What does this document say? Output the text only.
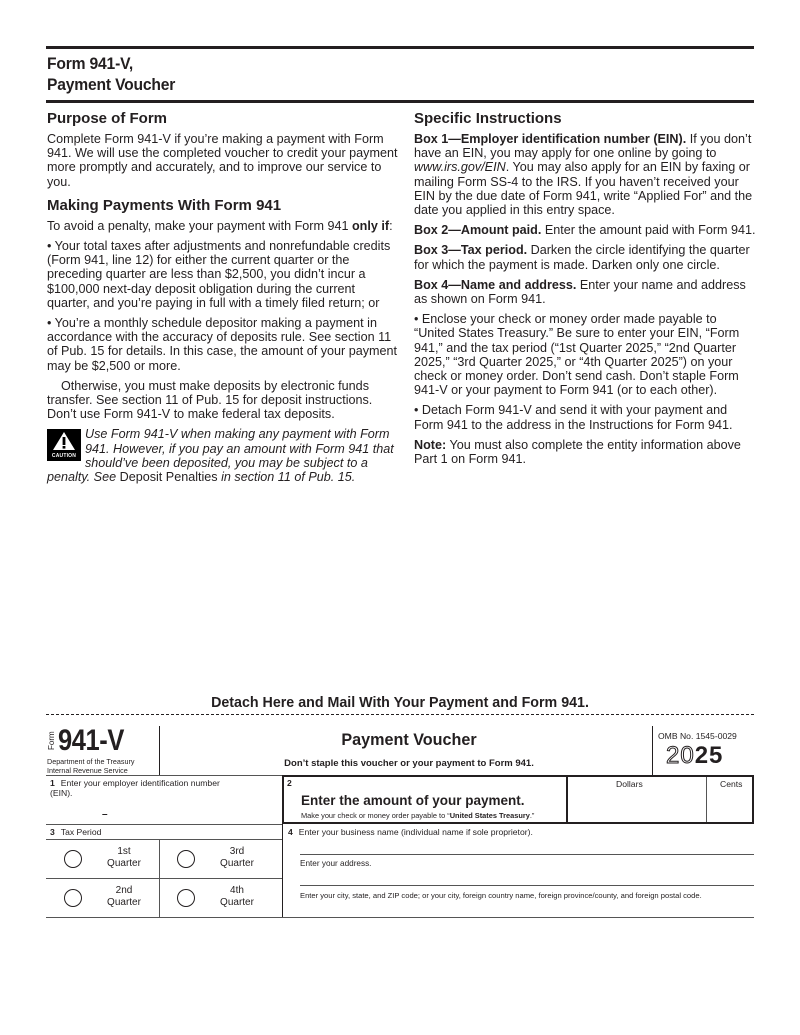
Form 941-V,
Payment Voucher
Purpose of Form

Complete Form 941-V if you’re making a payment with Form 941. We will use the completed voucher to credit your payment more promptly and accurately, and to improve our service to you.

Making Payments With Form 941

To avoid a penalty, make your payment with Form 941 only if:

• Your total taxes after adjustments and nonrefundable credits (Form 941, line 12) for either the current quarter or the preceding quarter are less than $2,500, you didn’t incur a $100,000 next-day deposit obligation during the current quarter, and you’re paying in full with a timely filed return; or

• You’re a monthly schedule depositor making a payment in accordance with the accuracy of deposits rule. See section 11 of Pub. 15 for details. In this case, the amount of your payment may be $2,500 or more.

Otherwise, you must make deposits by electronic funds transfer. See section 11 of Pub. 15 for deposit instructions. Don’t use Form 941-V to make federal tax deposits.

CAUTION
Use Form 941-V when making any payment with Form 941. However, if you pay an amount with Form 941 that should’ve been deposited, you may be subject to a penalty. See Deposit Penalties in section 11 of Pub. 15.
Specific Instructions

Box 1—Employer identification number (EIN). If you don’t have an EIN, you may apply for one online by going to www.irs.gov/EIN. You may also apply for an EIN by faxing or mailing Form SS-4 to the IRS. If you haven’t received your EIN by the due date of Form 941, write “Applied For” and the date you applied in this entry space.

Box 2—Amount paid. Enter the amount paid with Form 941.

Box 3—Tax period. Darken the circle identifying the quarter for which the payment is made. Darken only one circle.

Box 4—Name and address. Enter your name and address as shown on Form 941.

• Enclose your check or money order made payable to “United States Treasury.” Be sure to enter your EIN, “Form 941,” and the tax period (“1st Quarter 2025,” “2nd Quarter 2025,” “3rd Quarter 2025,” or “4th Quarter 2025”) on your check or money order. Don’t send cash. Don’t staple Form 941-V or your payment to Form 941 (or to each other).

• Detach Form 941-V and send it with your payment and Form 941 to the address in the Instructions for Form 941.

Note: You must also complete the entity information above Part 1 on Form 941.

Detach Here and Mail With Your Payment and Form 941.
Form 941-V
Department of the Treasury
Internal Revenue Service
Payment Voucher
Don’t staple this voucher or your payment to Form 941.
OMB No. 1545-0029
2025
1 Enter your employer identification number (EIN).
–
2
Enter the amount of your payment.
Make your check or money order payable to “United States Treasury.”
Dollars	Cents
3 Tax Period
1st
Quarter
3rd
Quarter
2nd
Quarter
4th
Quarter
4 Enter your business name (individual name if sole proprietor).
Enter your address.
Enter your city, state, and ZIP code; or your city, foreign country name, foreign province/county, and foreign postal code.
